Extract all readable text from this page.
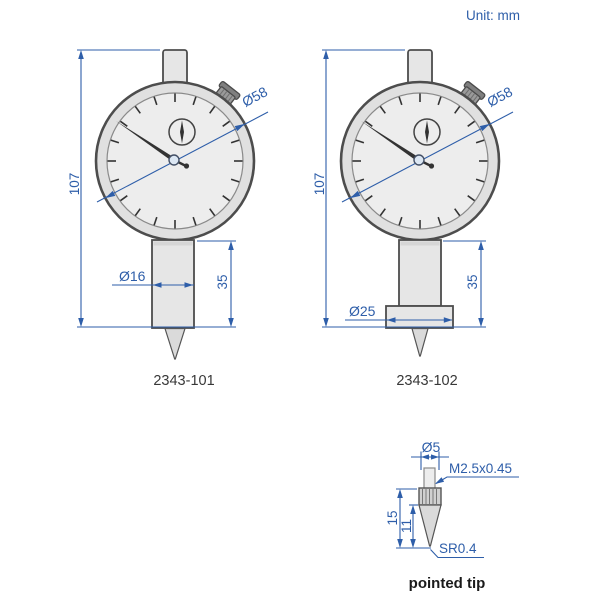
Unit: mm
107
35
Ø16
Ø58
2343-101
107
35
Ø25
Ø58
2343-102
Ø5
M2.5x0.45
15
11
SR0.4
pointed tip
